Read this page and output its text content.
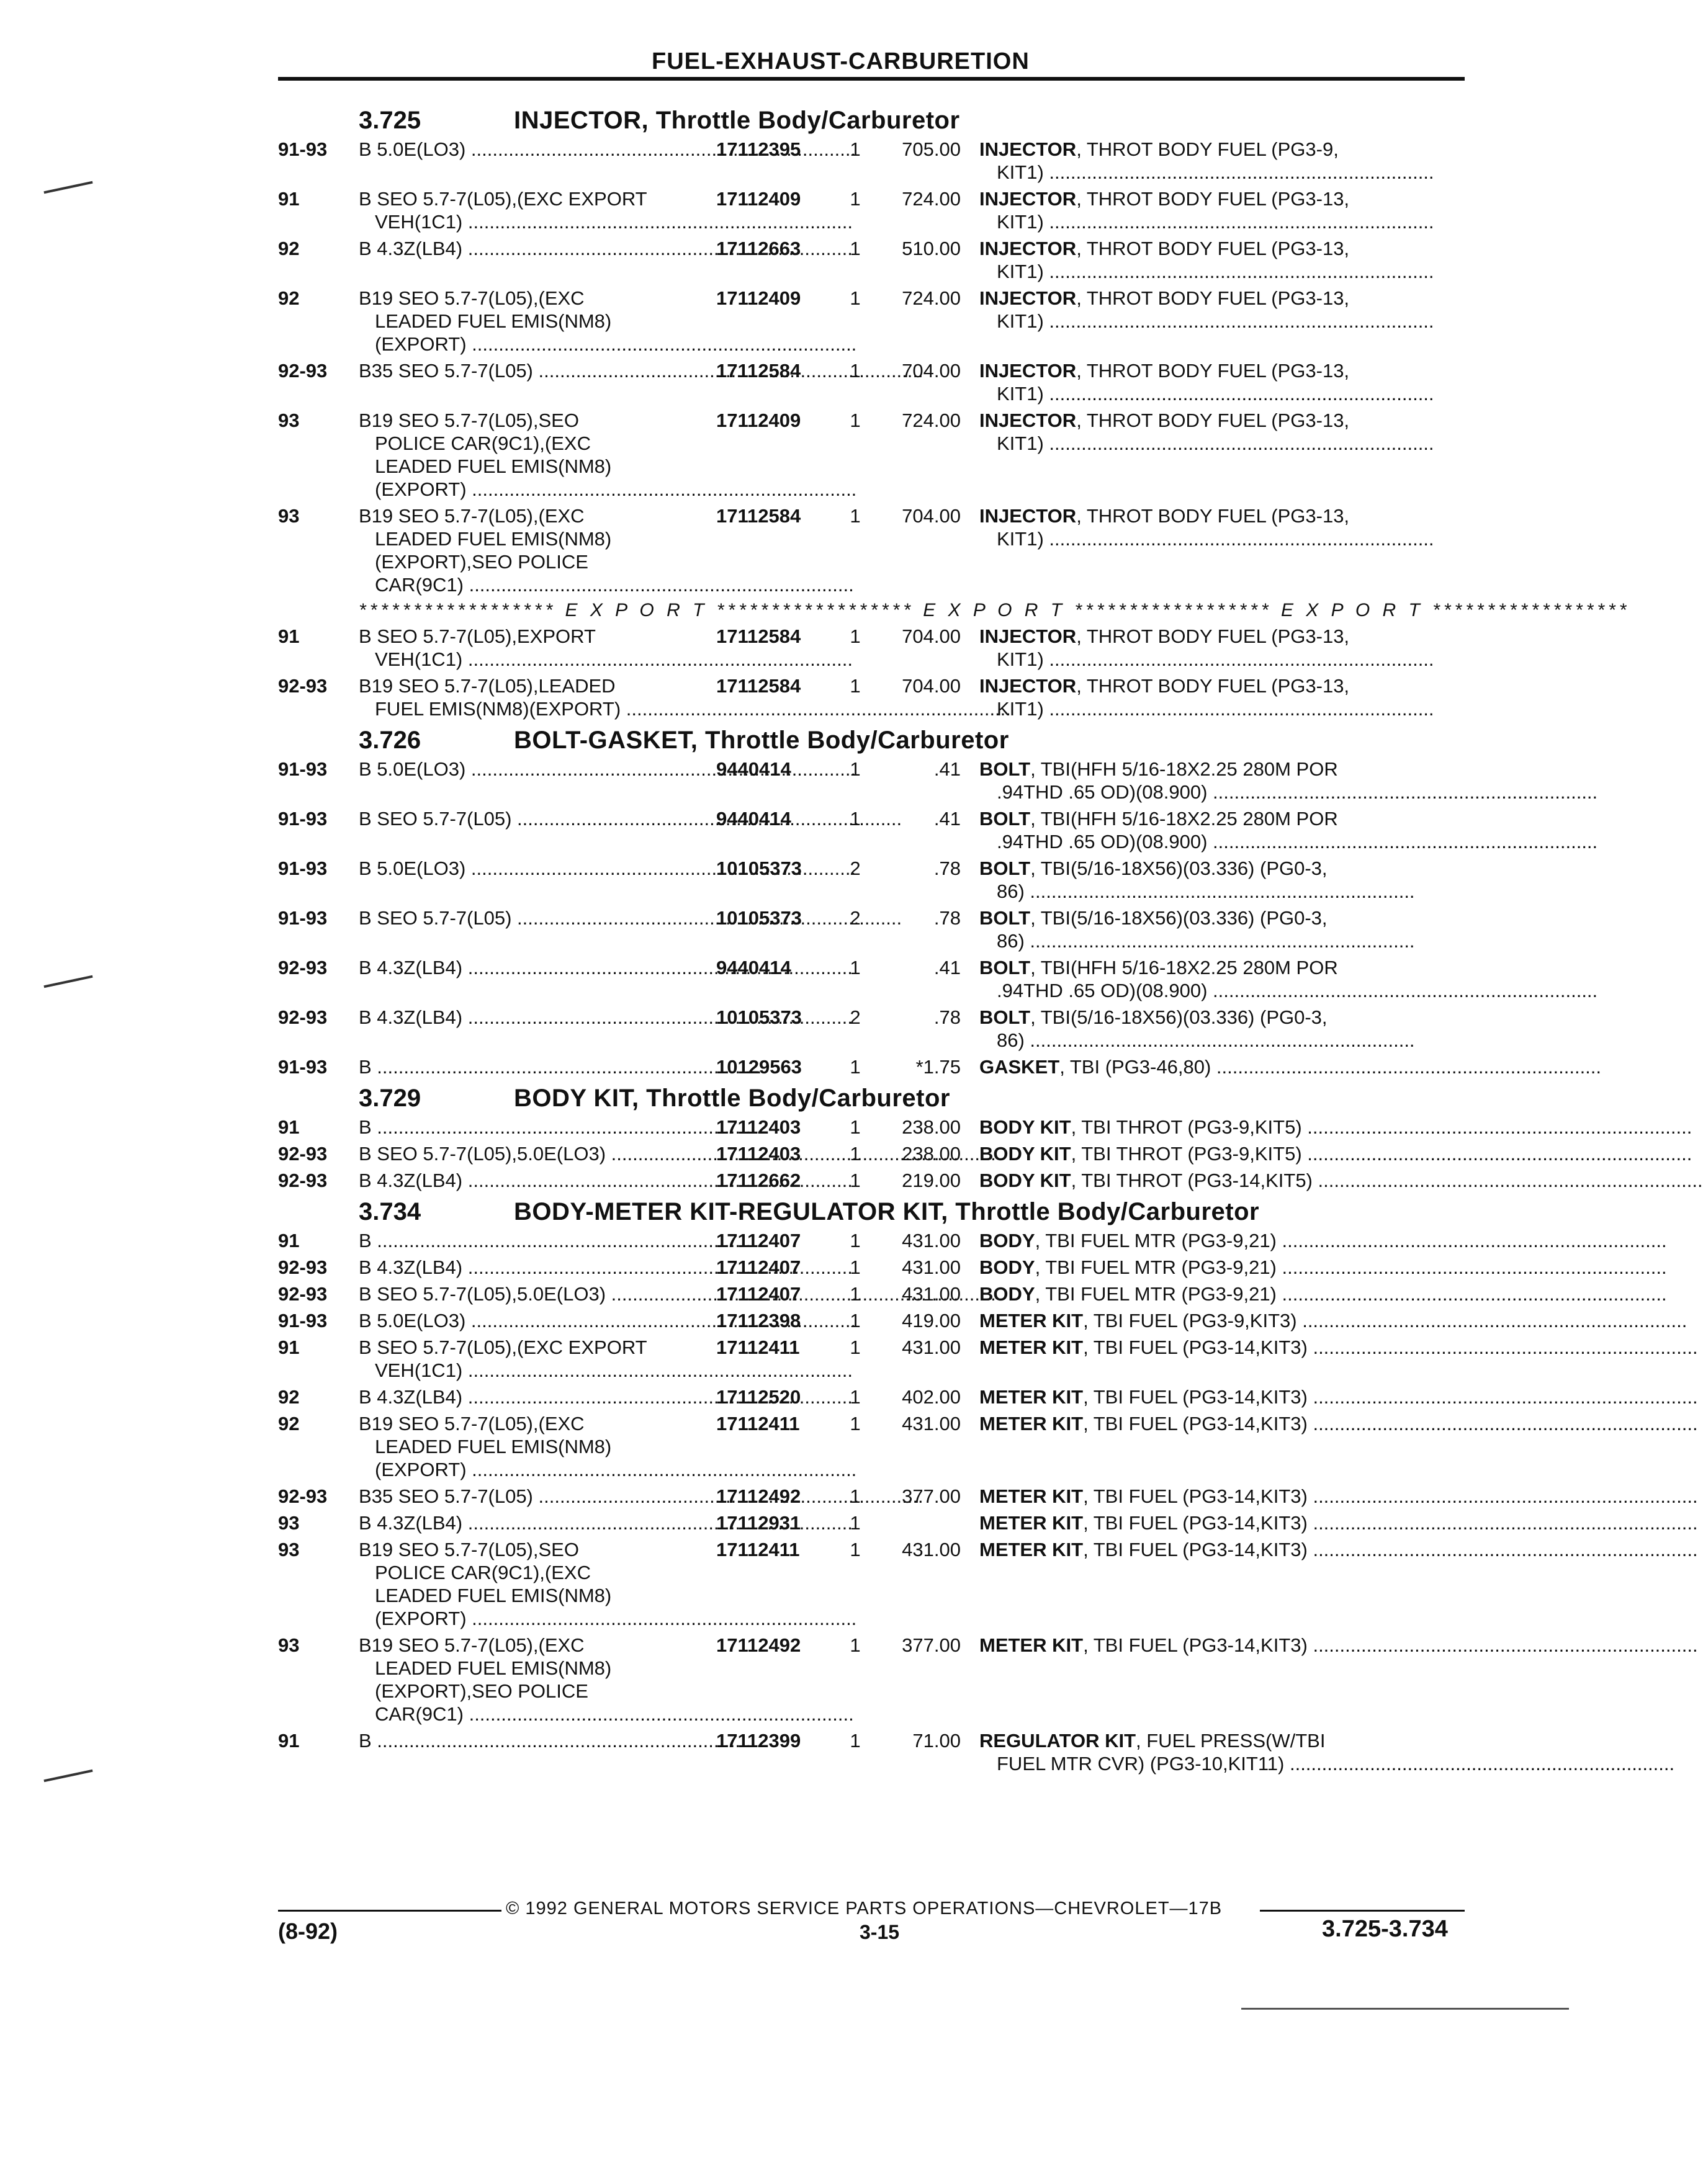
FUEL-EXHAUST-CARBURETION
3.725	INJECTOR, Throttle Body/Carburetor
91-93	B 5.0E(LO3) .....	17112395	1	705.00 INJECTOR, THROT BODY FUEL (PG3-9,
KIT1) .....
91	B SEO 5.7-7(L05),(EXC EXPORT
VEH(1C1) .....
17112409	1	724.00 INJECTOR, THROT BODY FUEL (PG3-13,
KIT1) .....
92	B 4.3Z(LB4) .....	17112663	1	510.00 INJECTOR, THROT BODY FUEL (PG3-13,
KIT1) .....
92	B19 SEO 5.7-7(L05),(EXC
LEADED FUEL EMIS(NM8)
(EXPORT) .....
17112409	1	724.00 INJECTOR, THROT BODY FUEL (PG3-13,
KIT1) .....
92-93	B35 SEO 5.7-7(L05) .....	17112584	1	704.00 INJECTOR, THROT BODY FUEL (PG3-13,
KIT1) .....
93	B19 SEO 5.7-7(L05),SEO
POLICE CAR(9C1),(EXC
LEADED FUEL EMIS(NM8)
(EXPORT) .....
17112409	1	724.00 INJECTOR, THROT BODY FUEL (PG3-13,
KIT1) .....
93	B19 SEO 5.7-7(L05),(EXC
LEADED FUEL EMIS(NM8)
(EXPORT),SEO POLICE
CAR(9C1) .....
17112584	1	704.00 INJECTOR, THROT BODY FUEL (PG3-13,
KIT1) .....
****************** E X P O R T ****************** E X P O R T ****************** E X P O R T ******************
91	B SEO 5.7-7(L05),EXPORT
VEH(1C1) .....
17112584	1	704.00 INJECTOR, THROT BODY FUEL (PG3-13,
KIT1) .....
92-93	B19 SEO 5.7-7(L05),LEADED
FUEL EMIS(NM8)(EXPORT) .....
17112584	1	704.00 INJECTOR, THROT BODY FUEL (PG3-13,
KIT1) .....
3.726	BOLT-GASKET, Throttle Body/Carburetor
91-93	B 5.0E(LO3) .....	9440414	1	.41 BOLT, TBI(HFH 5/16-18X2.25 280M POR
.94THD .65 OD)(08.900) .....
91-93	B SEO 5.7-7(L05) .....	9440414	1	.41 BOLT, TBI(HFH 5/16-18X2.25 280M POR
.94THD .65 OD)(08.900) .....
91-93	B 5.0E(LO3) .....	10105373	2	.78 BOLT, TBI(5/16-18X56)(03.336) (PG0-3,
86) .....
91-93	B SEO 5.7-7(L05) .....	10105373	2	.78 BOLT, TBI(5/16-18X56)(03.336) (PG0-3,
86) .....
92-93	B 4.3Z(LB4) .....	9440414	1	.41 BOLT, TBI(HFH 5/16-18X2.25 280M POR
.94THD .65 OD)(08.900) .....
92-93	B 4.3Z(LB4) .....	10105373	2	.78 BOLT, TBI(5/16-18X56)(03.336) (PG0-3,
86) .....
91-93	B .....	10129563	1	*1.75 GASKET, TBI (PG3-46,80) .....
3.729	BODY KIT, Throttle Body/Carburetor
91	B .....	17112403	1	238.00 BODY KIT, TBI THROT (PG3-9,KIT5) .....
92-93	B SEO 5.7-7(L05),5.0E(LO3) .....	17112403	1	238.00 BODY KIT, TBI THROT (PG3-9,KIT5) .....
92-93	B 4.3Z(LB4) .....	17112662	1	219.00 BODY KIT, TBI THROT (PG3-14,KIT5) .....
3.734	BODY-METER KIT-REGULATOR KIT, Throttle Body/Carburetor
91	B .....	17112407	1	431.00 BODY, TBI FUEL MTR (PG3-9,21) .....
92-93	B 4.3Z(LB4) .....	17112407	1	431.00 BODY, TBI FUEL MTR (PG3-9,21) .....
92-93	B SEO 5.7-7(L05),5.0E(LO3) .....	17112407	1	431.00 BODY, TBI FUEL MTR (PG3-9,21) .....
91-93	B 5.0E(LO3) .....	17112398	1	419.00 METER KIT, TBI FUEL (PG3-9,KIT3) .....
91	B SEO 5.7-7(L05),(EXC EXPORT
VEH(1C1) .....
17112411	1	431.00 METER KIT, TBI FUEL (PG3-14,KIT3) .....
92	B 4.3Z(LB4) .....	17112520	1	402.00 METER KIT, TBI FUEL (PG3-14,KIT3) .....
92	B19 SEO 5.7-7(L05),(EXC
LEADED FUEL EMIS(NM8)
(EXPORT) .....
17112411	1	431.00 METER KIT, TBI FUEL (PG3-14,KIT3) .....
92-93	B35 SEO 5.7-7(L05) .....	17112492	1	377.00 METER KIT, TBI FUEL (PG3-14,KIT3) .....
93	B 4.3Z(LB4) .....	17112931	1	METER KIT, TBI FUEL (PG3-14,KIT3) .....
93	B19 SEO 5.7-7(L05),SEO
POLICE CAR(9C1),(EXC
LEADED FUEL EMIS(NM8)
(EXPORT) .....
17112411	1	431.00 METER KIT, TBI FUEL (PG3-14,KIT3) .....
93	B19 SEO 5.7-7(L05),(EXC
LEADED FUEL EMIS(NM8)
(EXPORT),SEO POLICE
CAR(9C1) .....
17112492	1	377.00 METER KIT, TBI FUEL (PG3-14,KIT3) .....
91	B .....	17112399	1	71.00 REGULATOR KIT, FUEL PRESS(W/TBI
FUEL MTR CVR) (PG3-10,KIT11) .....
© 1992 GENERAL MOTORS SERVICE PARTS OPERATIONS—CHEVROLET—17B
(8-92)	3-15	3.725-3.734
